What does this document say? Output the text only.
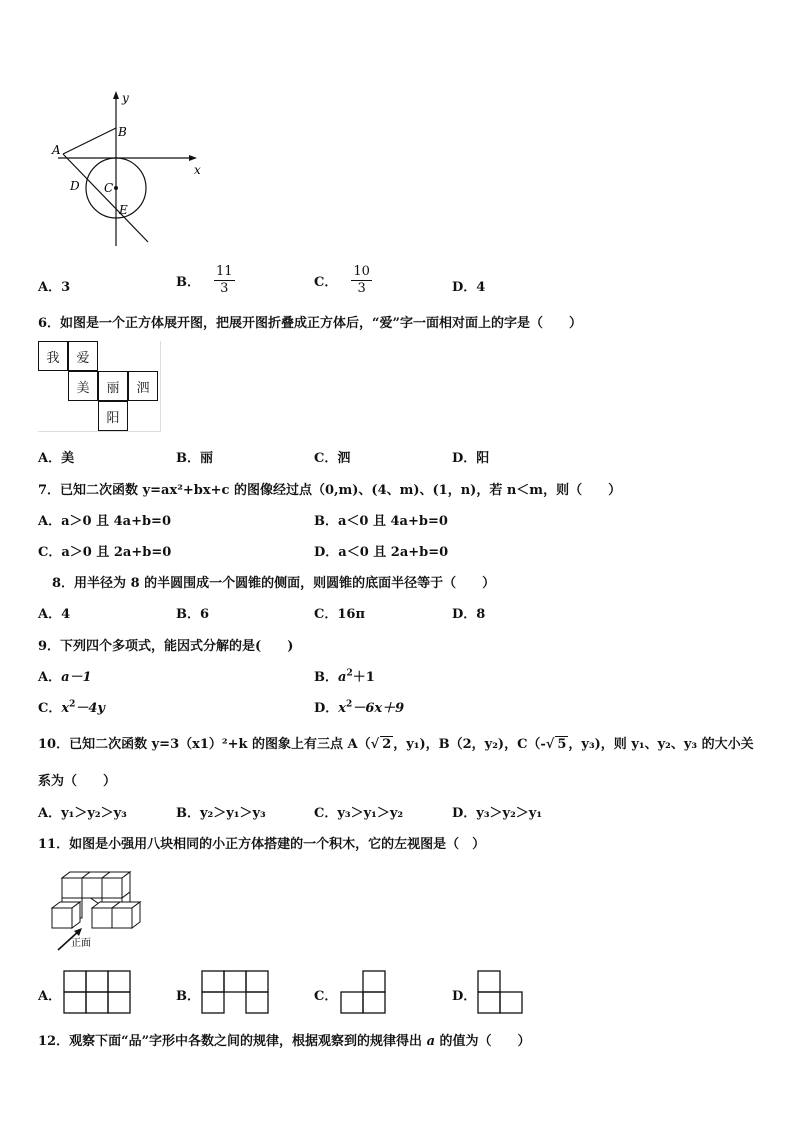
y
x
A
B
C
D
E
A．3	B． $\frac{11}{3}$	C． $\frac{10}{3}$	D．4
6．如图是一个正方体展开图，把展开图折叠成正方体后，“爱”字一面相对面上的字是（　　）
我	爱
美	丽	泗
阳
A．美	B．丽	C．泗	D．阳
7．已知二次函数 y=ax²+bx+c 的图像经过点（0,m)、(4、m)、(1，n)，若 n＜m，则（　　）
A．a＞0 且 4a+b=0	B．a＜0 且 4a+b=0
C．a＞0 且 2a+b=0	D．a＜0 且 2a+b=0
8．用半径为 8 的半圆围成一个圆锥的侧面，则圆锥的底面半径等于（　　）
A．4	B．6	C．16π	D．8
9．下列四个多项式，能因式分解的是(　　)
A．a－1	B．$a^2+1$
C．$x^2-4y$	D．$x^2-6x+9$
10．已知二次函数 y=3（x1）²+k 的图象上有三点 A（√ 2 ，y₁)，B（2，y₂)，C（-√ 5 ，y₃)，则 y₁、y₂、y₃ 的大小关
系为（　　）
A．y₁＞y₂＞y₃	B．y₂＞y₁＞y₃	C．y₃＞y₁＞y₂	D．y₃＞y₂＞y₁
11．如图是小强用八块相同的小正方体搭建的一个积木，它的左视图是（　）
正面
A．	B．	C．	D．
12．观察下面“品”字形中各数之间的规律，根据观察到的规律得出 a 的值为（　　）
